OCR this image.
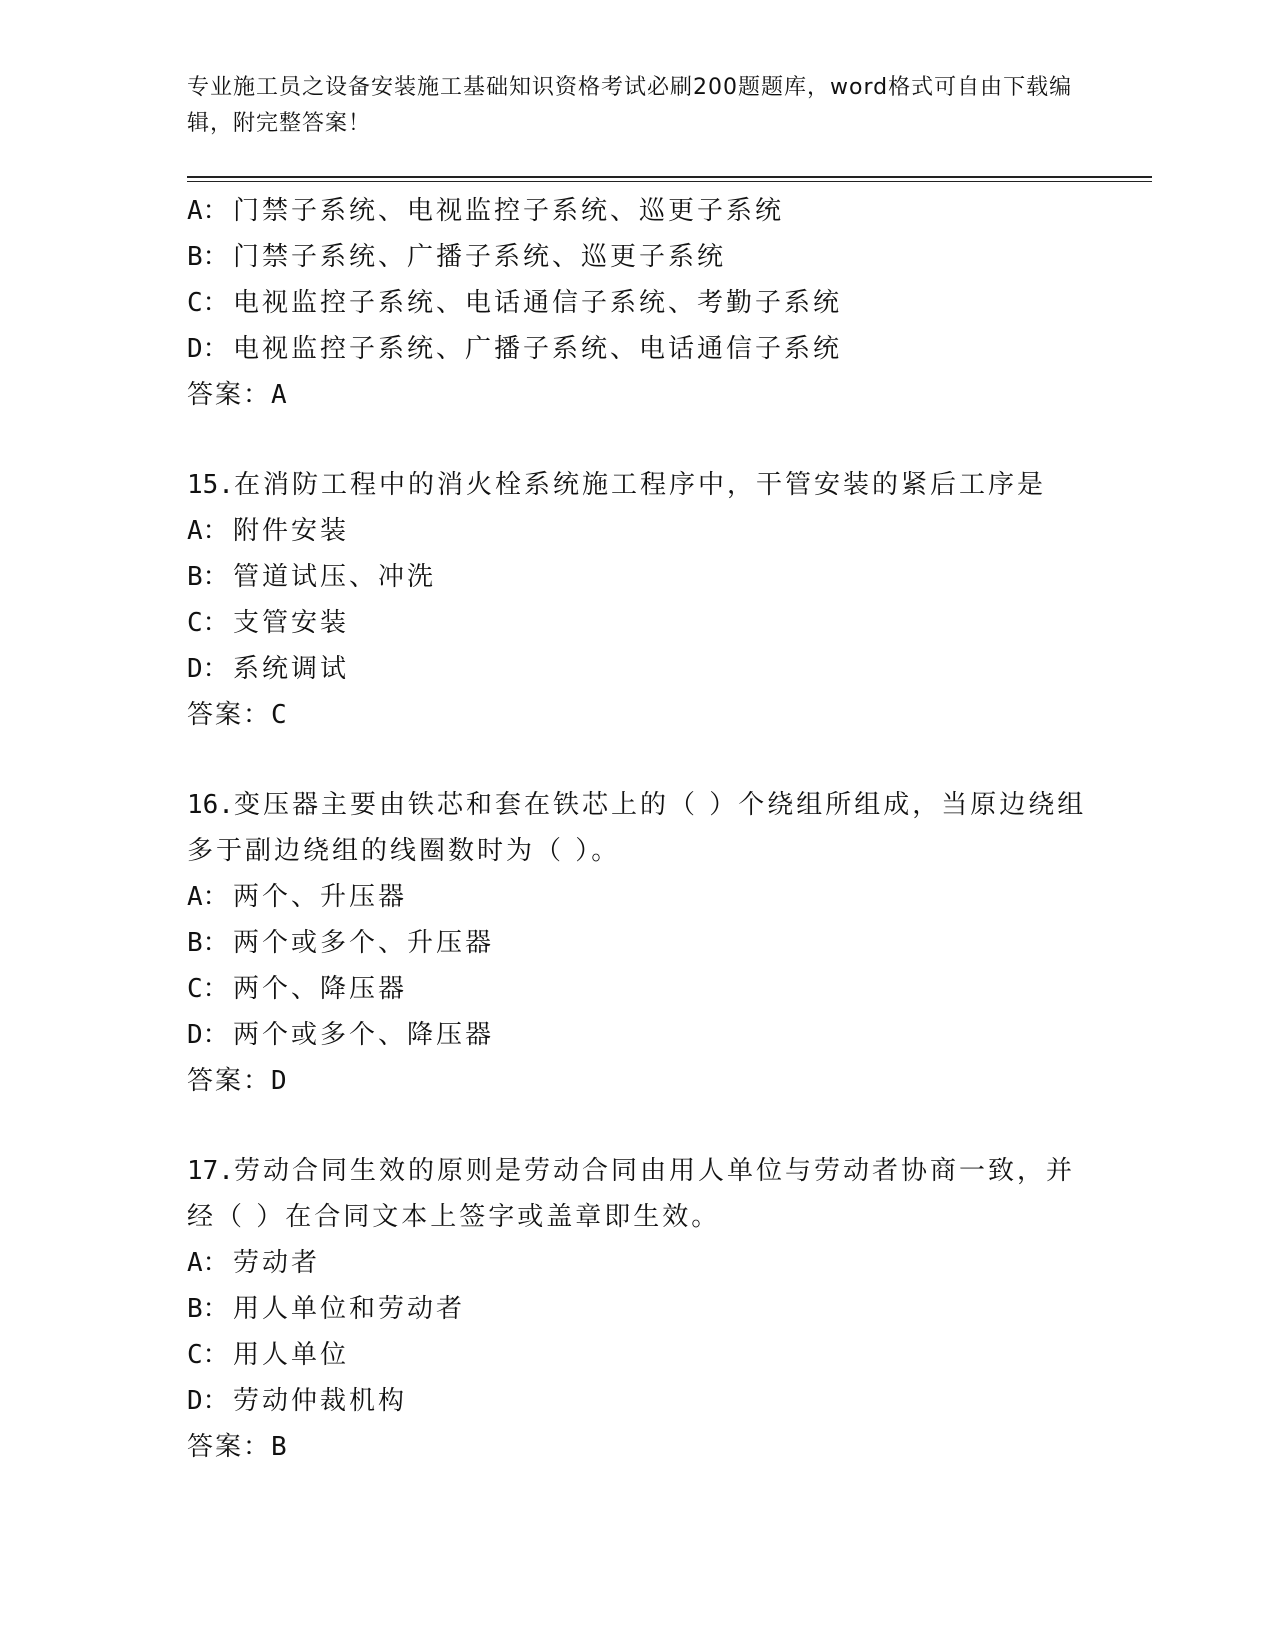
专业施工员之设备安装施工基础知识资格考试必刷200题题库，word格式可自由下载编辑，附完整答案！
A： 门禁子系统、电视监控子系统、巡更子系统
B： 门禁子系统、广播子系统、巡更子系统
C： 电视监控子系统、电话通信子系统、考勤子系统
D： 电视监控子系统、广播子系统、电话通信子系统
答案：A
15.在消防工程中的消火栓系统施工程序中，干管安装的紧后工序是
A： 附件安装
B： 管道试压、冲洗
C： 支管安装
D： 系统调试
答案：C
16.变压器主要由铁芯和套在铁芯上的（ ）个绕组所组成，当原边绕组多于副边绕组的线圈数时为（ ）。
A： 两个、升压器
B： 两个或多个、升压器
C： 两个、降压器
D： 两个或多个、降压器
答案：D
17.劳动合同生效的原则是劳动合同由用人单位与劳动者协商一致，并经（ ）在合同文本上签字或盖章即生效。
A： 劳动者
B： 用人单位和劳动者
C： 用人单位
D： 劳动仲裁机构
答案：B
